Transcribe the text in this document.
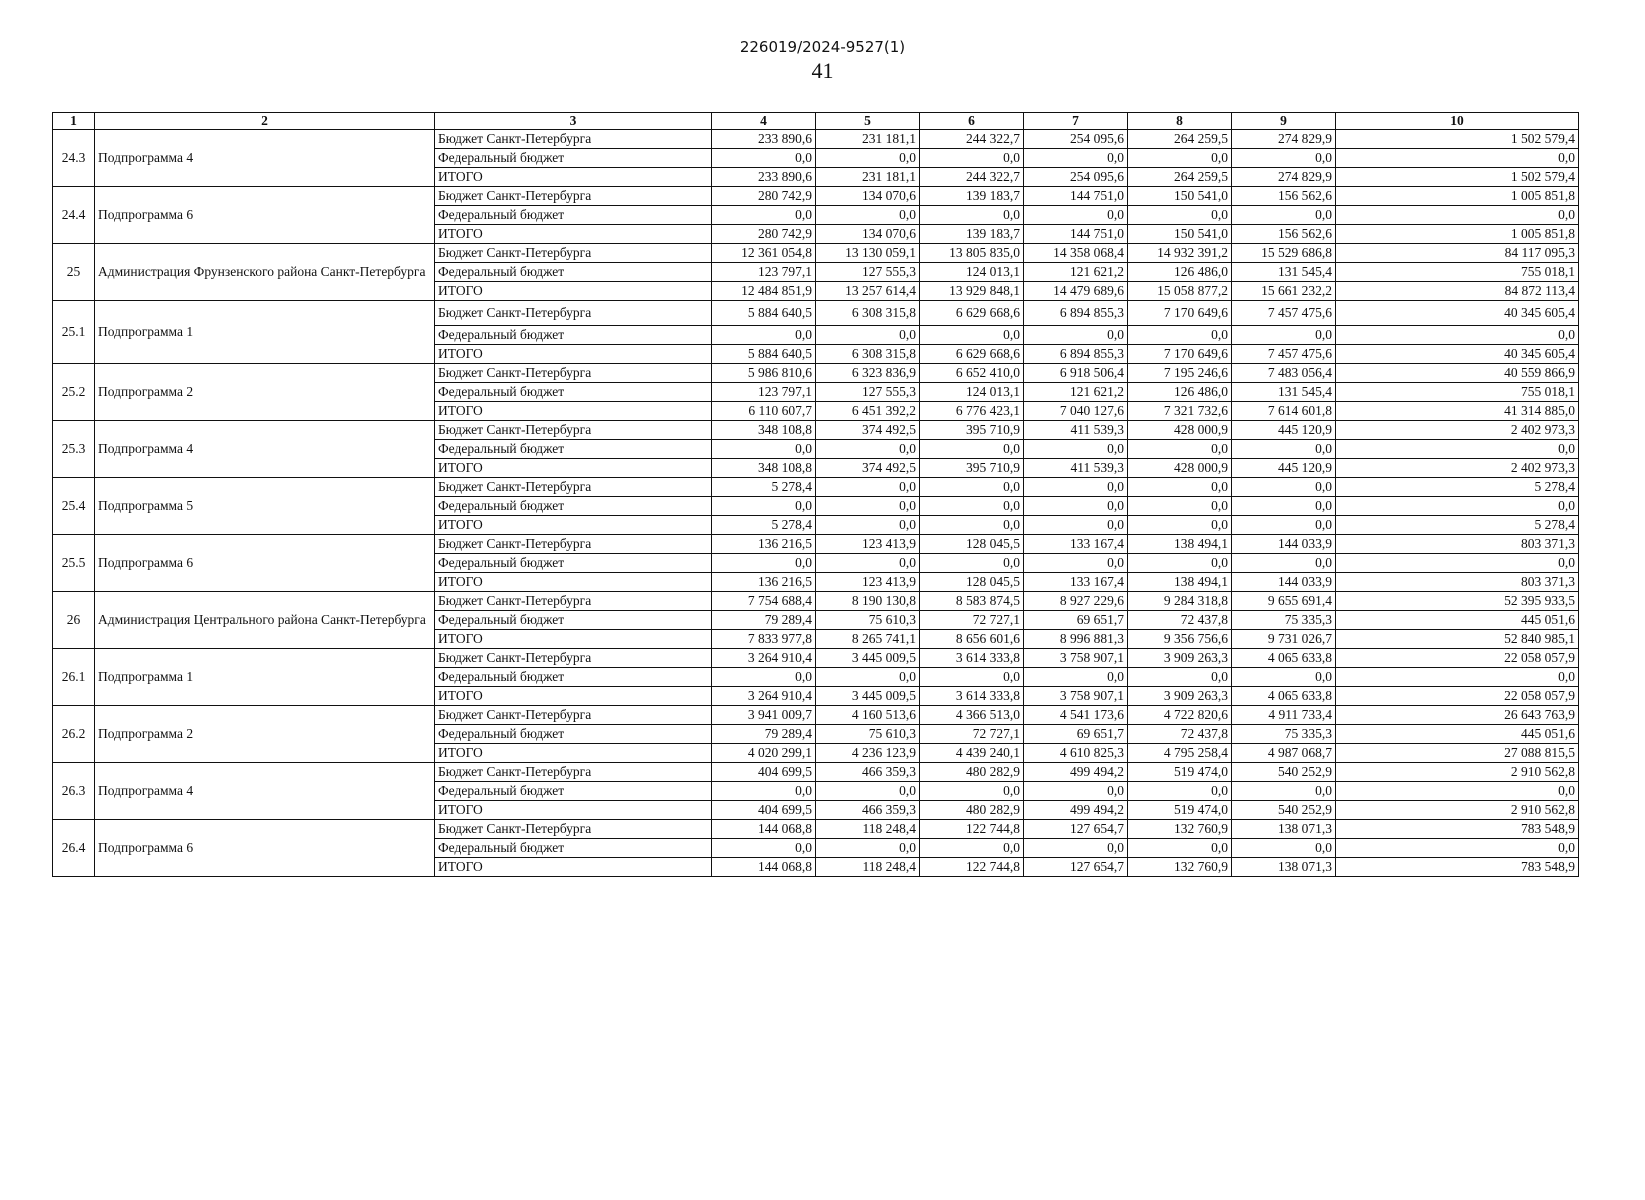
226019/2024-9527(1)
41
1	2	3	4	5	6	7	8	9	10
24.3	Подпрограмма 4	Бюджет Санкт-Петербурга	233 890,6	231 181,1	244 322,7	254 095,6	264 259,5	274 829,9	1 502 579,4
		Федеральный бюджет	0,0	0,0	0,0	0,0	0,0	0,0	0,0
		ИТОГО	233 890,6	231 181,1	244 322,7	254 095,6	264 259,5	274 829,9	1 502 579,4
24.4	Подпрограмма 6	Бюджет Санкт-Петербурга	280 742,9	134 070,6	139 183,7	144 751,0	150 541,0	156 562,6	1 005 851,8
		Федеральный бюджет	0,0	0,0	0,0	0,0	0,0	0,0	0,0
		ИТОГО	280 742,9	134 070,6	139 183,7	144 751,0	150 541,0	156 562,6	1 005 851,8
25	Администрация Фрунзенского района Санкт-Петербурга	Бюджет Санкт-Петербурга	12 361 054,8	13 130 059,1	13 805 835,0	14 358 068,4	14 932 391,2	15 529 686,8	84 117 095,3
		Федеральный бюджет	123 797,1	127 555,3	124 013,1	121 621,2	126 486,0	131 545,4	755 018,1
		ИТОГО	12 484 851,9	13 257 614,4	13 929 848,1	14 479 689,6	15 058 877,2	15 661 232,2	84 872 113,4
25.1	Подпрограмма 1	Бюджет Санкт-Петербурга	5 884 640,5	6 308 315,8	6 629 668,6	6 894 855,3	7 170 649,6	7 457 475,6	40 345 605,4
		Федеральный бюджет	0,0	0,0	0,0	0,0	0,0	0,0	0,0
		ИТОГО	5 884 640,5	6 308 315,8	6 629 668,6	6 894 855,3	7 170 649,6	7 457 475,6	40 345 605,4
25.2	Подпрограмма 2	Бюджет Санкт-Петербурга	5 986 810,6	6 323 836,9	6 652 410,0	6 918 506,4	7 195 246,6	7 483 056,4	40 559 866,9
		Федеральный бюджет	123 797,1	127 555,3	124 013,1	121 621,2	126 486,0	131 545,4	755 018,1
		ИТОГО	6 110 607,7	6 451 392,2	6 776 423,1	7 040 127,6	7 321 732,6	7 614 601,8	41 314 885,0
25.3	Подпрограмма 4	Бюджет Санкт-Петербурга	348 108,8	374 492,5	395 710,9	411 539,3	428 000,9	445 120,9	2 402 973,3
		Федеральный бюджет	0,0	0,0	0,0	0,0	0,0	0,0	0,0
		ИТОГО	348 108,8	374 492,5	395 710,9	411 539,3	428 000,9	445 120,9	2 402 973,3
25.4	Подпрограмма 5	Бюджет Санкт-Петербурга	5 278,4	0,0	0,0	0,0	0,0	0,0	5 278,4
		Федеральный бюджет	0,0	0,0	0,0	0,0	0,0	0,0	0,0
		ИТОГО	5 278,4	0,0	0,0	0,0	0,0	0,0	5 278,4
25.5	Подпрограмма 6	Бюджет Санкт-Петербурга	136 216,5	123 413,9	128 045,5	133 167,4	138 494,1	144 033,9	803 371,3
		Федеральный бюджет	0,0	0,0	0,0	0,0	0,0	0,0	0,0
		ИТОГО	136 216,5	123 413,9	128 045,5	133 167,4	138 494,1	144 033,9	803 371,3
26	Администрация Центрального района Санкт-Петербурга	Бюджет Санкт-Петербурга	7 754 688,4	8 190 130,8	8 583 874,5	8 927 229,6	9 284 318,8	9 655 691,4	52 395 933,5
		Федеральный бюджет	79 289,4	75 610,3	72 727,1	69 651,7	72 437,8	75 335,3	445 051,6
		ИТОГО	7 833 977,8	8 265 741,1	8 656 601,6	8 996 881,3	9 356 756,6	9 731 026,7	52 840 985,1
26.1	Подпрограмма 1	Бюджет Санкт-Петербурга	3 264 910,4	3 445 009,5	3 614 333,8	3 758 907,1	3 909 263,3	4 065 633,8	22 058 057,9
		Федеральный бюджет	0,0	0,0	0,0	0,0	0,0	0,0	0,0
		ИТОГО	3 264 910,4	3 445 009,5	3 614 333,8	3 758 907,1	3 909 263,3	4 065 633,8	22 058 057,9
26.2	Подпрограмма 2	Бюджет Санкт-Петербурга	3 941 009,7	4 160 513,6	4 366 513,0	4 541 173,6	4 722 820,6	4 911 733,4	26 643 763,9
		Федеральный бюджет	79 289,4	75 610,3	72 727,1	69 651,7	72 437,8	75 335,3	445 051,6
		ИТОГО	4 020 299,1	4 236 123,9	4 439 240,1	4 610 825,3	4 795 258,4	4 987 068,7	27 088 815,5
26.3	Подпрограмма 4	Бюджет Санкт-Петербурга	404 699,5	466 359,3	480 282,9	499 494,2	519 474,0	540 252,9	2 910 562,8
		Федеральный бюджет	0,0	0,0	0,0	0,0	0,0	0,0	0,0
		ИТОГО	404 699,5	466 359,3	480 282,9	499 494,2	519 474,0	540 252,9	2 910 562,8
26.4	Подпрограмма 6	Бюджет Санкт-Петербурга	144 068,8	118 248,4	122 744,8	127 654,7	132 760,9	138 071,3	783 548,9
		Федеральный бюджет	0,0	0,0	0,0	0,0	0,0	0,0	0,0
		ИТОГО	144 068,8	118 248,4	122 744,8	127 654,7	132 760,9	138 071,3	783 548,9
